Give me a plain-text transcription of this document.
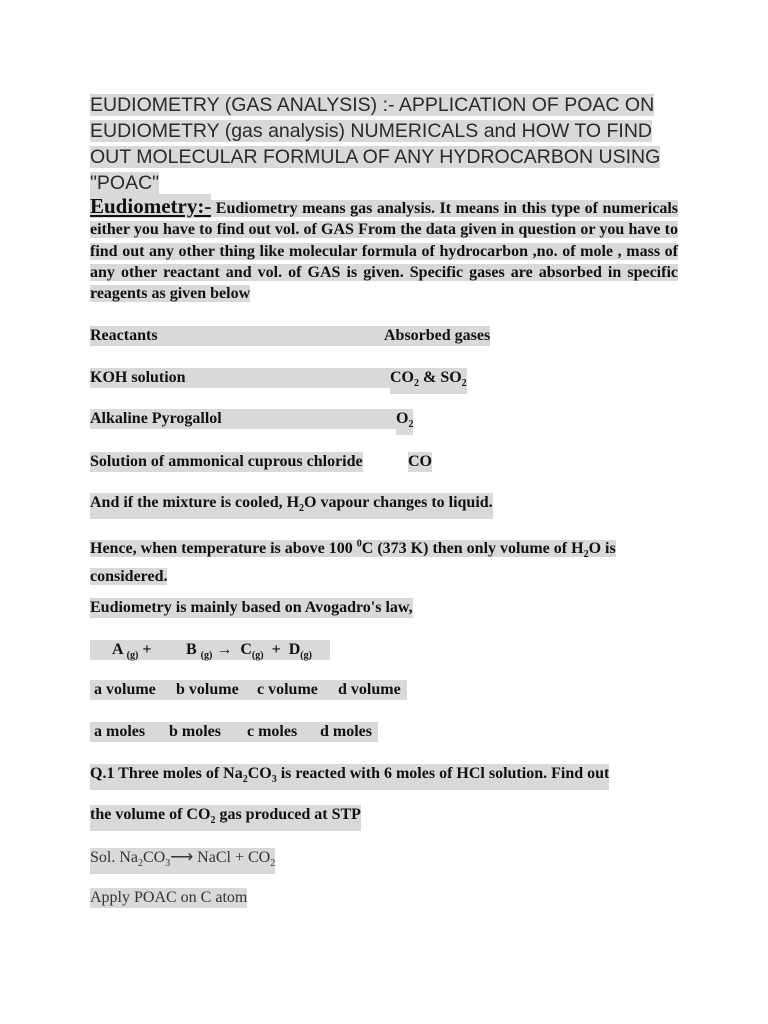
EUDIOMETRY (GAS ANALYSIS) :- APPLICATION OF POAC ON EUDIOMETRY (gas analysis) NUMERICALS and HOW TO FIND OUT MOLECULAR FORMULA OF ANY HYDROCARBON USING "POAC"
Eudiometry:- Eudiometry means gas analysis. It means in this type of numericals either you have to find out vol. of GAS From the data given in question or you have to find out any other thing like molecular formula of hydrocarbon ,no. of mole , mass of any other reactant and vol. of GAS is given. Specific gases are absorbed in specific reagents as given below
Reactants	Absorbed gases
KOH solution	$CO_2$ & $SO_2$
Alkaline Pyrogallol	$O_2$
Solution of ammonical cuprous chloride	CO
And if the mixture is cooled, $H_2O$ vapour changes to liquid.
Hence, when temperature is above 100 $^0$C (373 K) then only volume of $H_2O$ is considered.
Eudiometry is mainly based on Avogadro's law,
A $_{(g)}$ + B $_{(g)} \to C_{(g)} + D_{(g)}$
a volume b volume c volume d volume
a moles b moles c moles d moles
Q.1 Three moles of $Na_2CO_3$ is reacted with 6 moles of HCl solution. Find out
the volume of $CO_2$ gas produced at STP
Sol. $Na_2CO_3⟶$ NaCl + $CO_2$
Apply POAC on C atom
